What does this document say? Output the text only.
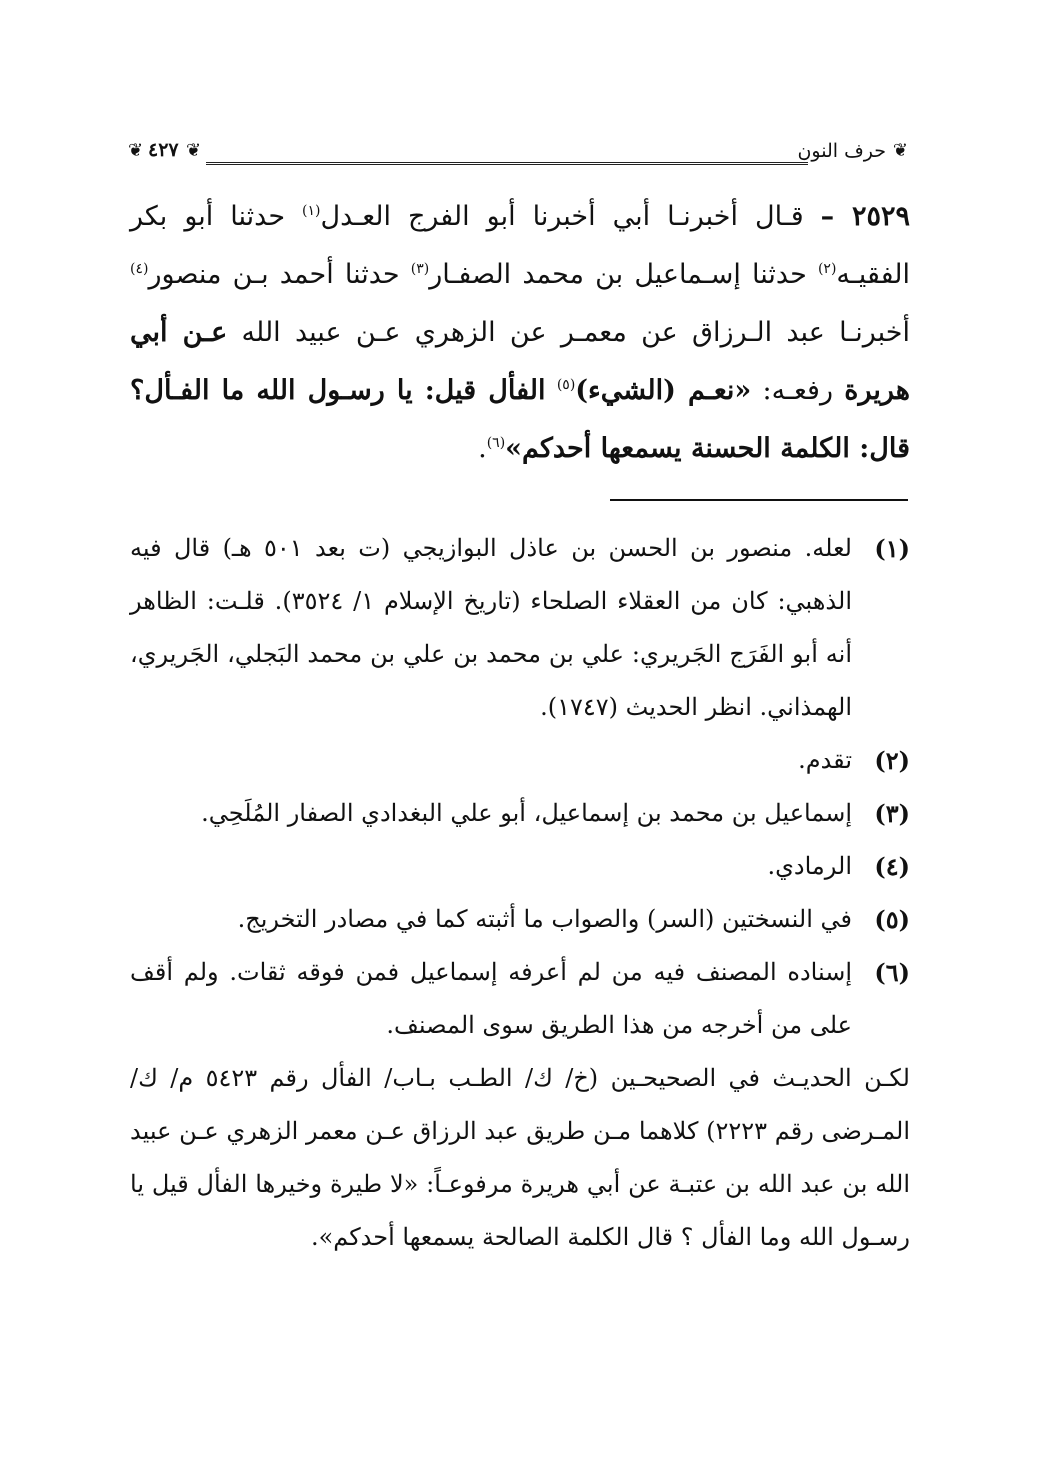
❦
حرف النون
٤٢٧
❦ ❦

٢٥٢٩ – قـال أخبرنـا أبي أخبرنا أبو الفرج العـدل$^{(١)}$ حدثنا أبو بكر الفقيـه$^{(٢)}$ حدثنا إسـماعيل بن محمد الصفـار$^{(٣)}$ حدثنا أحمد بـن منصور$^{(٤)}$ أخبرنـا عبد الـرزاق عن معمـر عن الزهري عـن عبيد الله عـن أبي هريرة رفعـه: «نعـم (الشيء)$^{(٥)}$ الفأل قيل: يا رسـول الله ما الفـأل؟ قال: الكلمة الحسنة يسمعها أحدكم»$^{(٦)}$.

(١)
لعله. منصور بن الحسن بن عاذل البوازيجي (ت بعد ٥٠١ هـ) قال فيه الذهبي: كان من العقلاء الصلحاء (تاريخ الإسلام ١/ ٣٥٢٤). قلـت: الظاهر أنه أبو الفَرَج الجَريري: علي بن محمد بن علي بن محمد البَجلي، الجَريري، الهمذاني. انظر الحديث (١٧٤٧).
(٢)
تقدم.
(٣)
إسماعيل بن محمد بن إسماعيل، أبو علي البغدادي الصفار المُلَحِي.
(٤)
الرمادي.
(٥)
في النسختين (السر) والصواب ما أثبته كما في مصادر التخريج.
(٦)
إسناده المصنف فيه من لم أعرفه إسماعيل فمن فوقه ثقات. ولم أقف على من أخرجه من هذا الطريق سوى المصنف.
لكـن الحديـث في الصحيحـين (خ/ ك/ الطـب بـاب/ الفأل رقم ٥٤٢٣ م/ ك/ المـرضى رقم ٢٢٢٣) كلاهما مـن طريق عبد الرزاق عـن معمر الزهري عـن عبيد الله بن عبد الله بن عتبـة عن أبي هريرة مرفوعـاً: «لا طيرة وخيرها الفأل قيل يا رسـول الله وما الفأل ؟ قال الكلمة الصالحة يسمعها أحدكم».
